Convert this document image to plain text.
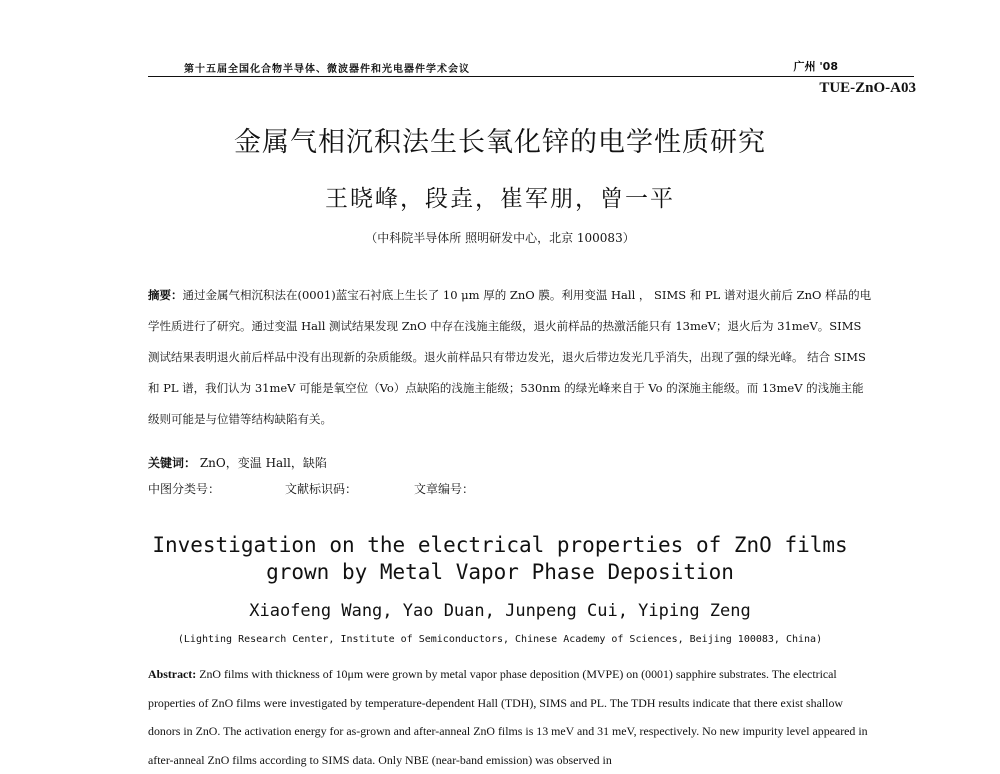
第十五届全国化合物半导体、微波器件和光电器件学术会议	广州 '08
TUE-ZnO-A03
金属气相沉积法生长氧化锌的电学性质研究
王晓峰，段垚，崔军朋，曾一平
（中科院半导体所 照明研发中心，北京 100083）
摘要：通过金属气相沉积法在(0001)蓝宝石衬底上生长了 10 μm 厚的 ZnO 膜。利用变温 Hall ， SIMS 和 PL 谱对退火前后 ZnO 样品的电学性质进行了研究。通过变温 Hall 测试结果发现 ZnO 中存在浅施主能级，退火前样品的热激活能只有 13meV；退火后为 31meV。SIMS 测试结果表明退火前后样品中没有出现新的杂质能级。退火前样品只有带边发光，退火后带边发光几乎消失，出现了强的绿光峰。 结合 SIMS 和 PL 谱，我们认为 31meV 可能是氧空位（Vo）点缺陷的浅施主能级；530nm 的绿光峰来自于 Vo 的深施主能级。而 13meV 的浅施主能级则可能是与位错等结构缺陷有关。
关键词： ZnO，变温 Hall，缺陷
中图分类号：	文献标识码：	文章编号：
Investigation on the electrical properties of ZnO films
grown by Metal Vapor Phase Deposition
Xiaofeng Wang, Yao Duan, Junpeng Cui, Yiping Zeng
(Lighting Research Center, Institute of Semiconductors, Chinese Academy of Sciences, Beijing 100083, China)
Abstract: ZnO films with thickness of 10μm were grown by metal vapor phase deposition (MVPE) on (0001) sapphire substrates. The electrical properties of ZnO films were investigated by temperature-dependent Hall (TDH), SIMS and PL. The TDH results indicate that there exist shallow donors in ZnO. The activation energy for as-grown and after-anneal ZnO films is 13 meV and 31 meV, respectively. No new impurity level appeared in after-anneal ZnO films according to SIMS data. Only NBE (near-band emission) was observed in
